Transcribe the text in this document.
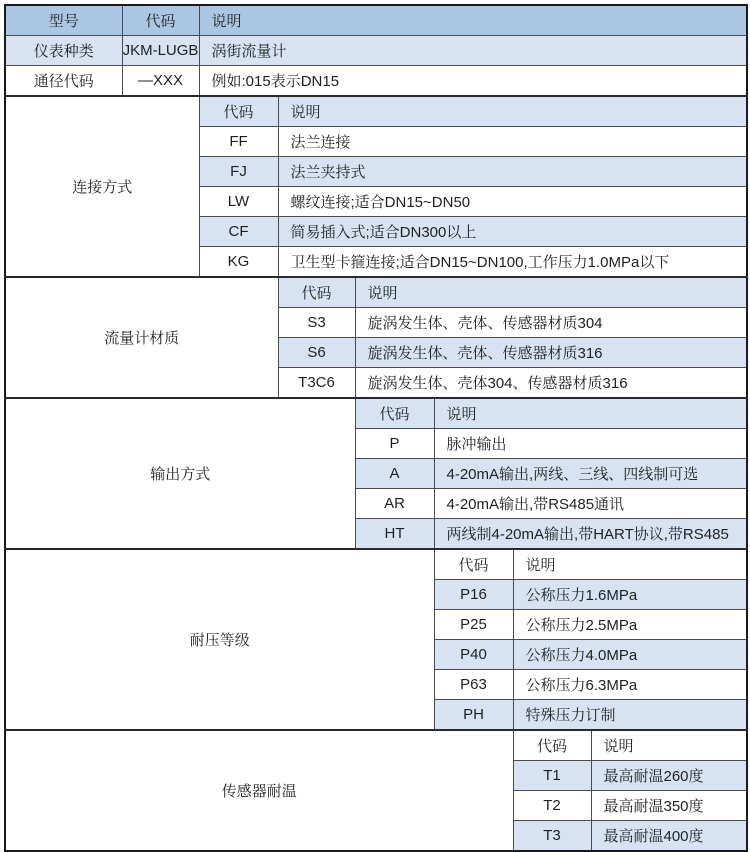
型号	代码	说明					
仪表种类	JKM-LUGB	涡街流量计					
通径代码	—XXX	例如:015表示DN15					
连接方式		代码	说明				
		FF	法兰连接				
		FJ	法兰夹持式				
		LW	螺纹连接;适合DN15~DN50				
		CF	简易插入式;适合DN300以上				
		KG	卫生型卡箍连接;适合DN15~DN100,工作压力1.0MPa以下				
流量计材质			代码	说明			
			S3	旋涡发生体、壳体、传感器材质304			
			S6	旋涡发生体、壳体、传感器材质316			
			T3C6	旋涡发生体、壳体304、传感器材质316			
输出方式				代码	说明		
				P	脉冲输出		
				A	4-20mA输出,两线、三线、四线制可选		
				AR	4-20mA输出,带RS485通讯		
				HT	两线制4-20mA输出,带HART协议,带RS485		
耐压等级					代码	说明	
					P16	公称压力1.6MPa	
					P25	公称压力2.5MPa	
					P40	公称压力4.0MPa	
					P63	公称压力6.3MPa	
					PH	特殊压力订制	
传感器耐温						代码	说明
						T1	最高耐温260度
						T2	最高耐温350度
						T3	最高耐温400度
